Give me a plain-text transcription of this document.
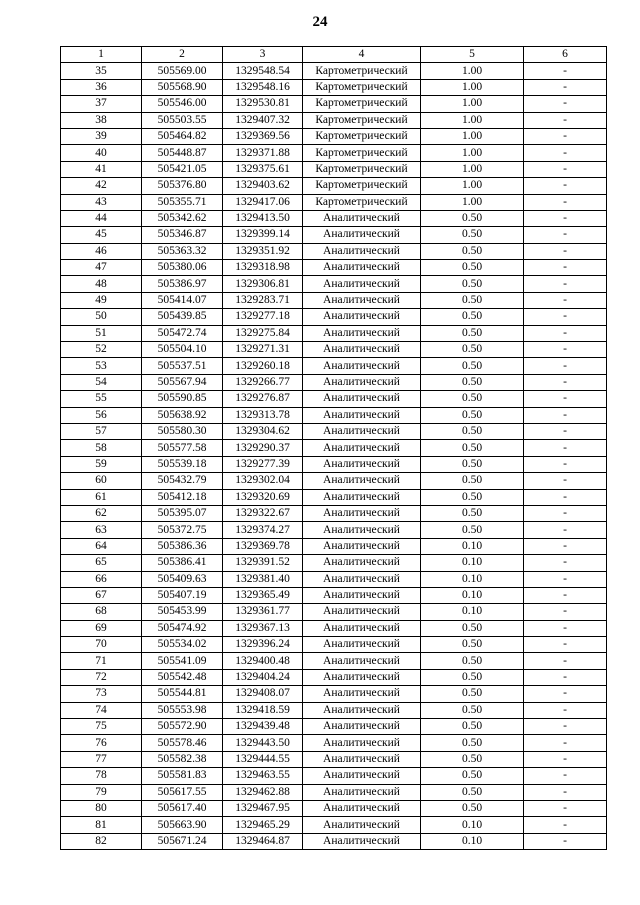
24
1	2	3	4	5	6
35	505569.00	1329548.54	Картометрический	1.00	-
36	505568.90	1329548.16	Картометрический	1.00	-
37	505546.00	1329530.81	Картометрический	1.00	-
38	505503.55	1329407.32	Картометрический	1.00	-
39	505464.82	1329369.56	Картометрический	1.00	-
40	505448.87	1329371.88	Картометрический	1.00	-
41	505421.05	1329375.61	Картометрический	1.00	-
42	505376.80	1329403.62	Картометрический	1.00	-
43	505355.71	1329417.06	Картометрический	1.00	-
44	505342.62	1329413.50	Аналитический	0.50	-
45	505346.87	1329399.14	Аналитический	0.50	-
46	505363.32	1329351.92	Аналитический	0.50	-
47	505380.06	1329318.98	Аналитический	0.50	-
48	505386.97	1329306.81	Аналитический	0.50	-
49	505414.07	1329283.71	Аналитический	0.50	-
50	505439.85	1329277.18	Аналитический	0.50	-
51	505472.74	1329275.84	Аналитический	0.50	-
52	505504.10	1329271.31	Аналитический	0.50	-
53	505537.51	1329260.18	Аналитический	0.50	-
54	505567.94	1329266.77	Аналитический	0.50	-
55	505590.85	1329276.87	Аналитический	0.50	-
56	505638.92	1329313.78	Аналитический	0.50	-
57	505580.30	1329304.62	Аналитический	0.50	-
58	505577.58	1329290.37	Аналитический	0.50	-
59	505539.18	1329277.39	Аналитический	0.50	-
60	505432.79	1329302.04	Аналитический	0.50	-
61	505412.18	1329320.69	Аналитический	0.50	-
62	505395.07	1329322.67	Аналитический	0.50	-
63	505372.75	1329374.27	Аналитический	0.50	-
64	505386.36	1329369.78	Аналитический	0.10	-
65	505386.41	1329391.52	Аналитический	0.10	-
66	505409.63	1329381.40	Аналитический	0.10	-
67	505407.19	1329365.49	Аналитический	0.10	-
68	505453.99	1329361.77	Аналитический	0.10	-
69	505474.92	1329367.13	Аналитический	0.50	-
70	505534.02	1329396.24	Аналитический	0.50	-
71	505541.09	1329400.48	Аналитический	0.50	-
72	505542.48	1329404.24	Аналитический	0.50	-
73	505544.81	1329408.07	Аналитический	0.50	-
74	505553.98	1329418.59	Аналитический	0.50	-
75	505572.90	1329439.48	Аналитический	0.50	-
76	505578.46	1329443.50	Аналитический	0.50	-
77	505582.38	1329444.55	Аналитический	0.50	-
78	505581.83	1329463.55	Аналитический	0.50	-
79	505617.55	1329462.88	Аналитический	0.50	-
80	505617.40	1329467.95	Аналитический	0.50	-
81	505663.90	1329465.29	Аналитический	0.10	-
82	505671.24	1329464.87	Аналитический	0.10	-
